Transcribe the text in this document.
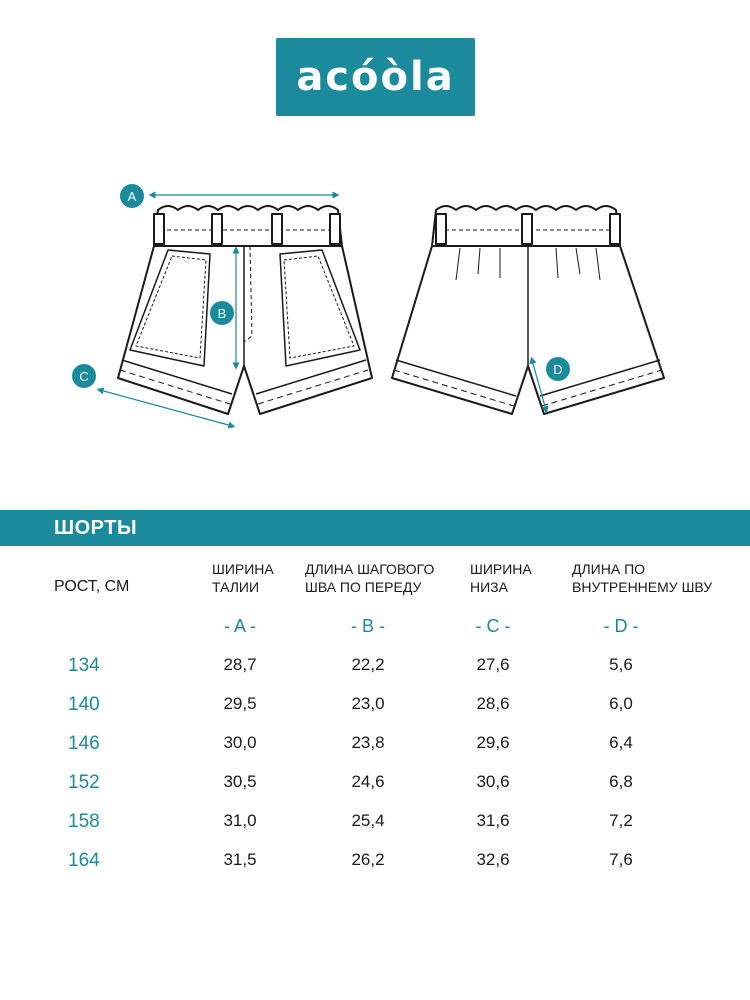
acóòla
A
B
C	D
ШОРТЫ
РОСТ, СМ
ШИРИНА
ТАЛИИ
ДЛИНА ШАГОВОГО
ШВА ПО ПЕРЕДУ
ШИРИНА
НИЗА
ДЛИНА ПО
ВНУТРЕННЕМУ ШВУ
- A -	- B -	- C -	- D -
134	28,7	22,2	27,6	5,6
140	29,5	23,0	28,6	6,0
146	30,0	23,8	29,6	6,4
152	30,5	24,6	30,6	6,8
158	31,0	25,4	31,6	7,2
164	31,5	26,2	32,6	7,6
